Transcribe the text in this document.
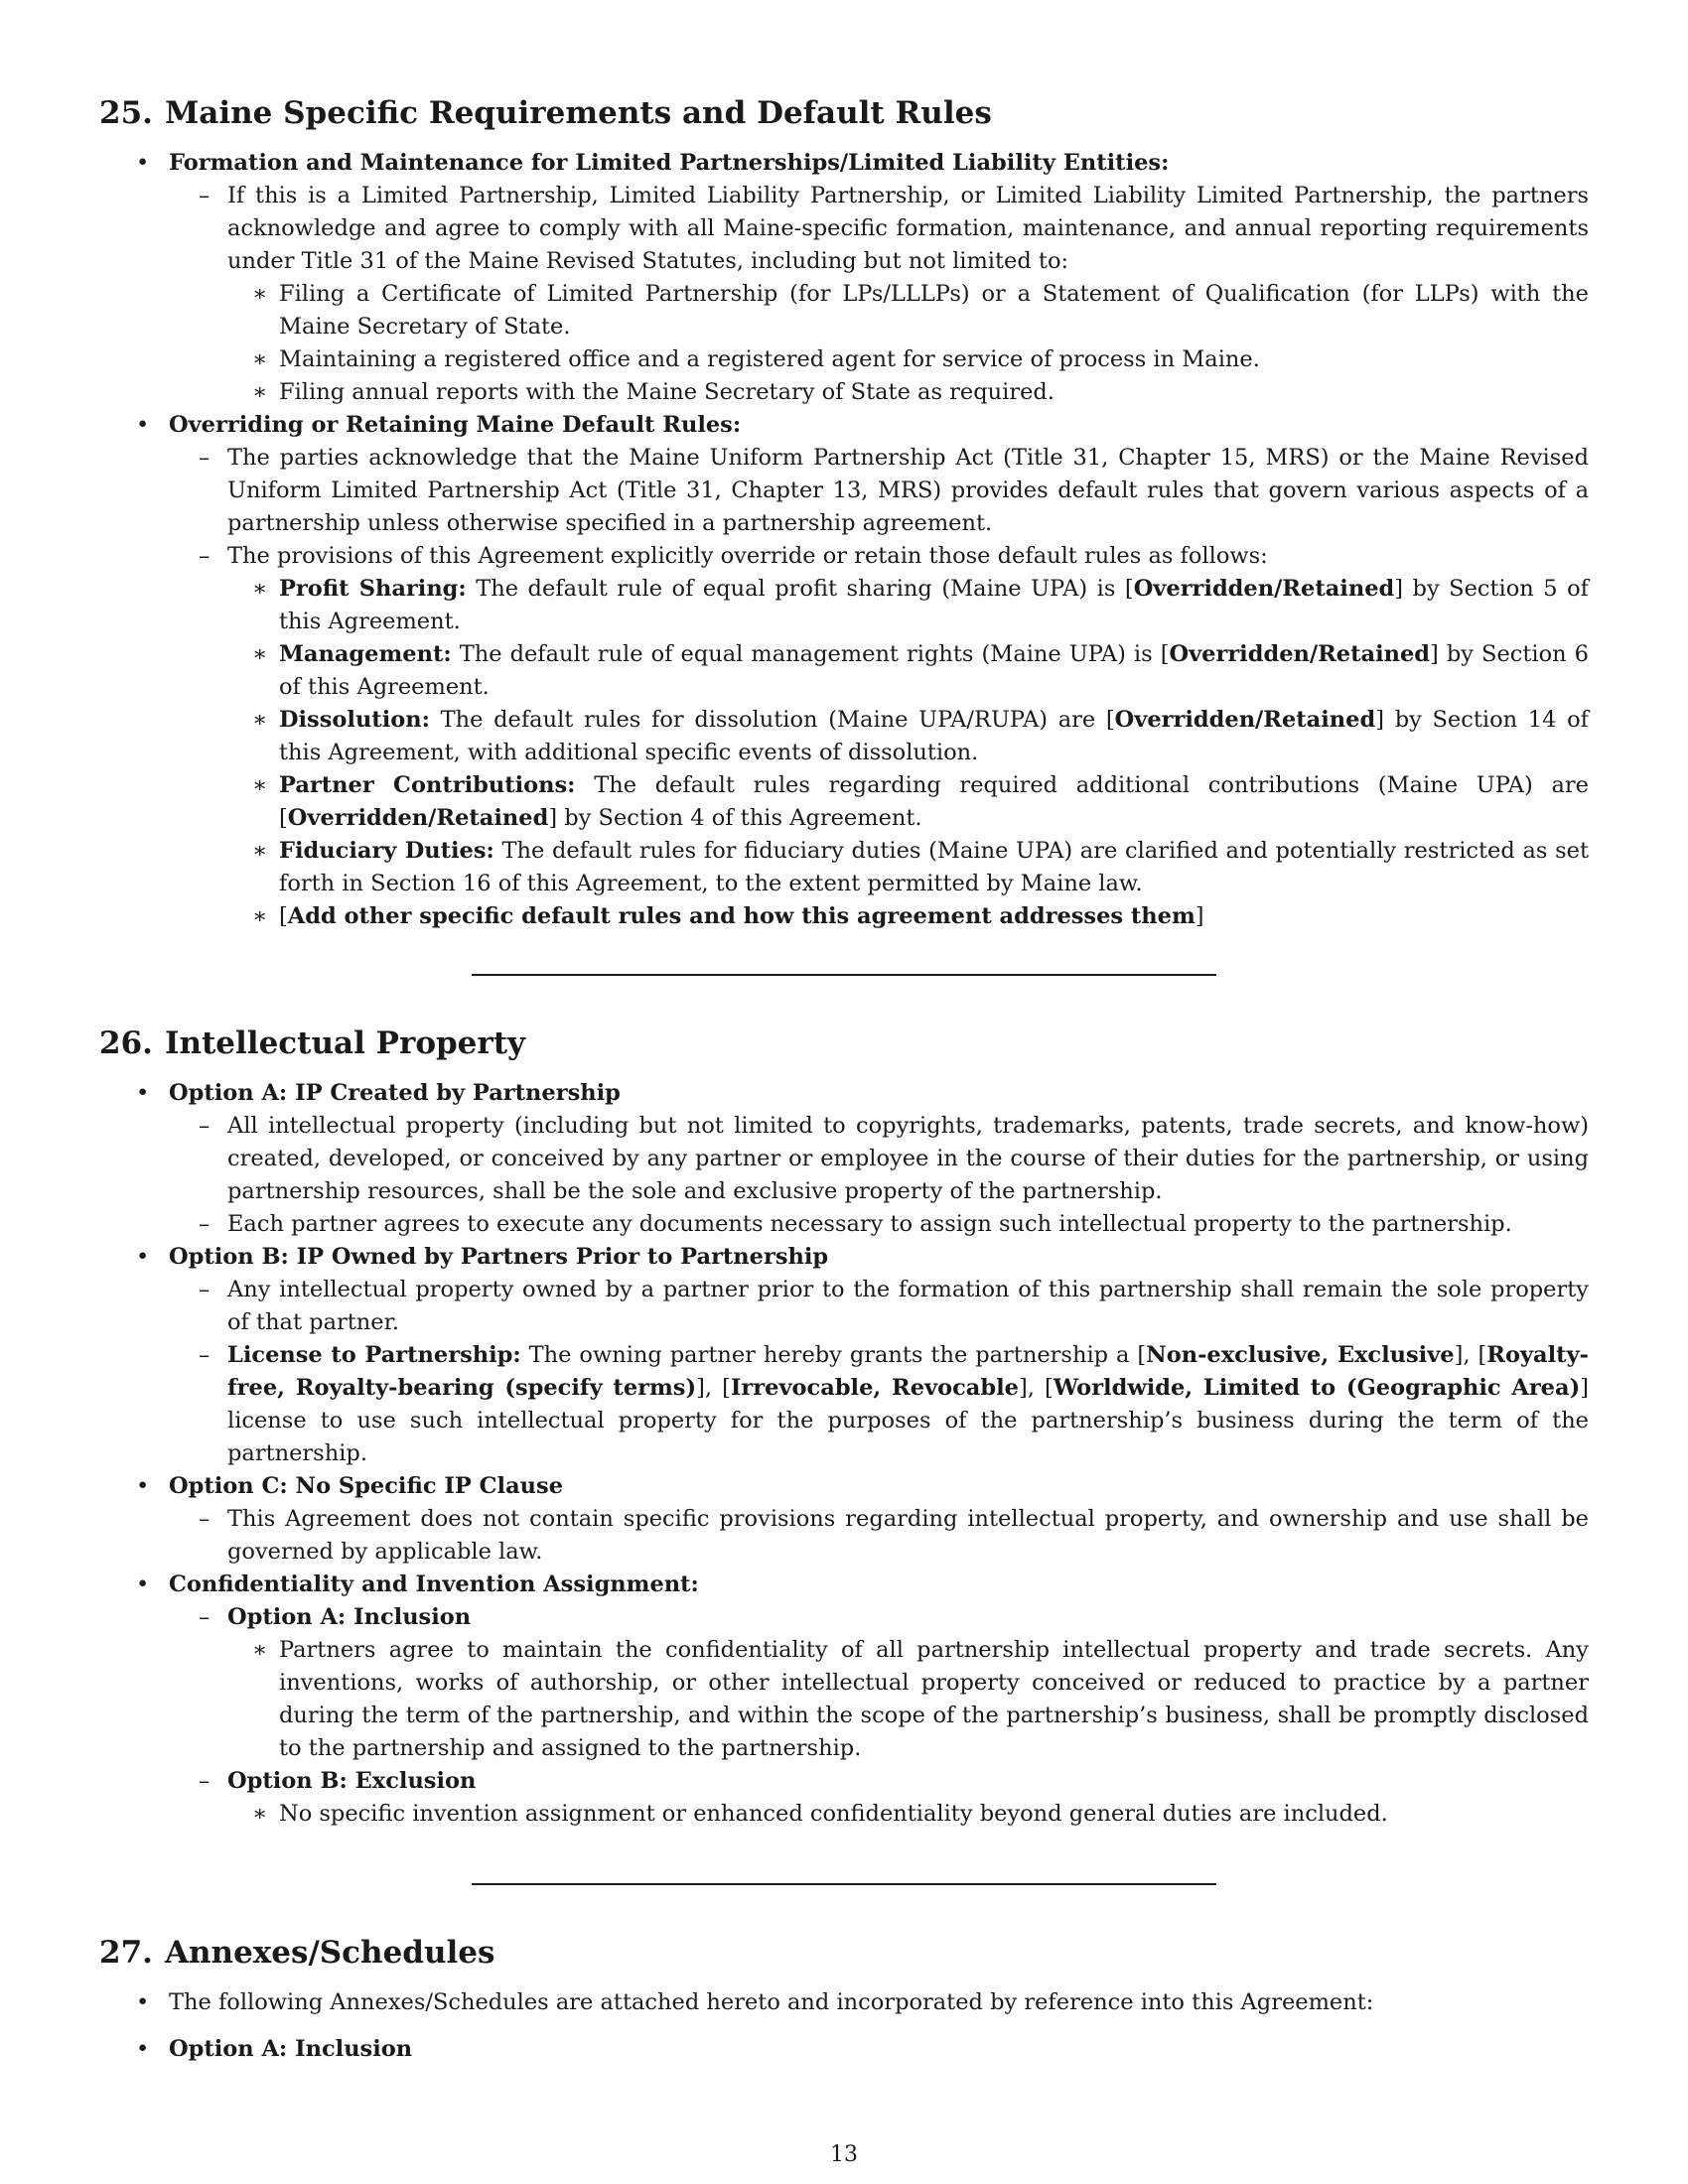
25. Maine Specific Requirements and Default Rules
• Formation and Maintenance for Limited Partnerships/Limited Liability Entities:
– If this is a Limited Partnership, Limited Liability Partnership, or Limited Liability Limited Partnership, the partners acknowledge and agree to comply with all Maine-specific formation, maintenance, and annual reporting requirements under Title 31 of the Maine Revised Statutes, including but not limited to:
∗ Filing a Certificate of Limited Partnership (for LPs/LLLPs) or a Statement of Qualification (for LLPs) with the Maine Secretary of State.
∗ Maintaining a registered office and a registered agent for service of process in Maine.
∗ Filing annual reports with the Maine Secretary of State as required.
• Overriding or Retaining Maine Default Rules:
– The parties acknowledge that the Maine Uniform Partnership Act (Title 31, Chapter 15, MRS) or the Maine Revised Uniform Limited Partnership Act (Title 31, Chapter 13, MRS) provides default rules that govern various aspects of a partnership unless otherwise specified in a partnership agreement.
– The provisions of this Agreement explicitly override or retain those default rules as follows:
∗ Profit Sharing: The default rule of equal profit sharing (Maine UPA) is [Overridden/Retained] by Section 5 of this Agreement.
∗ Management: The default rule of equal management rights (Maine UPA) is [Overridden/Retained] by Section 6 of this Agreement.
∗ Dissolution: The default rules for dissolution (Maine UPA/RUPA) are [Overridden/Retained] by Section 14 of this Agreement, with additional specific events of dissolution.
∗ Partner Contributions: The default rules regarding required additional contributions (Maine UPA) are [Overridden/Retained] by Section 4 of this Agreement.
∗ Fiduciary Duties: The default rules for fiduciary duties (Maine UPA) are clarified and potentially restricted as set forth in Section 16 of this Agreement, to the extent permitted by Maine law.
∗ [Add other specific default rules and how this agreement addresses them]
26. Intellectual Property
• Option A: IP Created by Partnership
– All intellectual property (including but not limited to copyrights, trademarks, patents, trade secrets, and know-how) created, developed, or conceived by any partner or employee in the course of their duties for the partnership, or using partnership resources, shall be the sole and exclusive property of the partnership.
– Each partner agrees to execute any documents necessary to assign such intellectual property to the partnership.
• Option B: IP Owned by Partners Prior to Partnership
– Any intellectual property owned by a partner prior to the formation of this partnership shall remain the sole property of that partner.
– License to Partnership: The owning partner hereby grants the partnership a [Non-exclusive, Exclusive], [Royalty-free, Royalty-bearing (specify terms)], [Irrevocable, Revocable], [Worldwide, Limited to (Geographic Area)] license to use such intellectual property for the purposes of the partnership’s business during the term of the partnership.
• Option C: No Specific IP Clause
– This Agreement does not contain specific provisions regarding intellectual property, and ownership and use shall be governed by applicable law.
• Confidentiality and Invention Assignment:
– Option A: Inclusion
∗ Partners agree to maintain the confidentiality of all partnership intellectual property and trade secrets. Any inventions, works of authorship, or other intellectual property conceived or reduced to practice by a partner during the term of the partnership, and within the scope of the partnership’s business, shall be promptly disclosed to the partnership and assigned to the partnership.
– Option B: Exclusion
∗ No specific invention assignment or enhanced confidentiality beyond general duties are included.
27. Annexes/Schedules
• The following Annexes/Schedules are attached hereto and incorporated by reference into this Agreement:
• Option A: Inclusion
13
